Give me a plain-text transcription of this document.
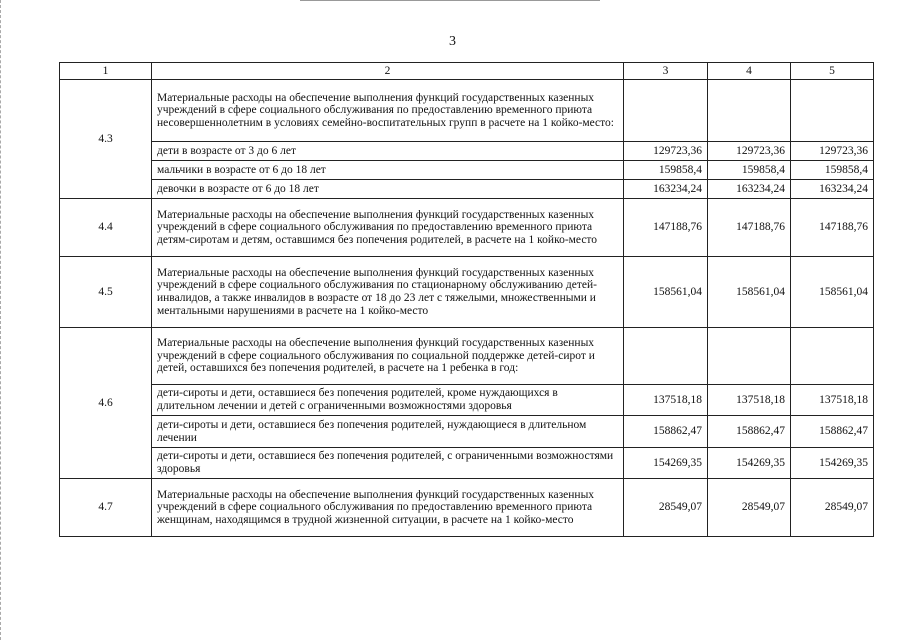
3
1	2	3	4	5
4.3	Материальные расходы на обеспечение выполнения функций государственных казенных учреждений в сфере социального обслуживания по предоставлению временного приюта несовершеннолетним в условиях семейно-воспитательных групп в расчете на 1 койко-место:			
	дети в возрасте от 3 до 6 лет	129723,36	129723,36	129723,36
	мальчики в возрасте от 6 до 18 лет	159858,4	159858,4	159858,4
	девочки в возрасте от 6 до 18 лет	163234,24	163234,24	163234,24
4.4	Материальные расходы на обеспечение выполнения функций государственных казенных учреждений в сфере социального обслуживания по предоставлению временного приюта детям-сиротам и детям, оставшимся без попечения родителей, в расчете на 1 койко-место	147188,76	147188,76	147188,76
4.5	Материальные расходы на обеспечение выполнения функций государственных казенных учреждений в сфере социального обслуживания по стационарному обслуживанию детей-инвалидов, а также инвалидов в возрасте от 18 до 23 лет с тяжелыми, множественными и ментальными нарушениями в расчете на 1 койко-место	158561,04	158561,04	158561,04
4.6	Материальные расходы на обеспечение выполнения функций государственных казенных учреждений в сфере социального обслуживания по социальной поддержке детей-сирот и детей, оставшихся без попечения родителей, в расчете на 1 ребенка в год:			
	дети-сироты и дети, оставшиеся без попечения родителей, кроме нуждающихся в длительном лечении и детей с ограниченными возможностями здоровья	137518,18	137518,18	137518,18
	дети-сироты и дети, оставшиеся без попечения родителей, нуждающиеся в длительном лечении	158862,47	158862,47	158862,47
	дети-сироты и дети, оставшиеся без попечения родителей, с ограниченными возможностями здоровья	154269,35	154269,35	154269,35
4.7	Материальные расходы на обеспечение выполнения функций государственных казенных учреждений в сфере социального обслуживания по предоставлению временного приюта женщинам, находящимся в трудной жизненной ситуации, в расчете на 1 койко-место	28549,07	28549,07	28549,07
